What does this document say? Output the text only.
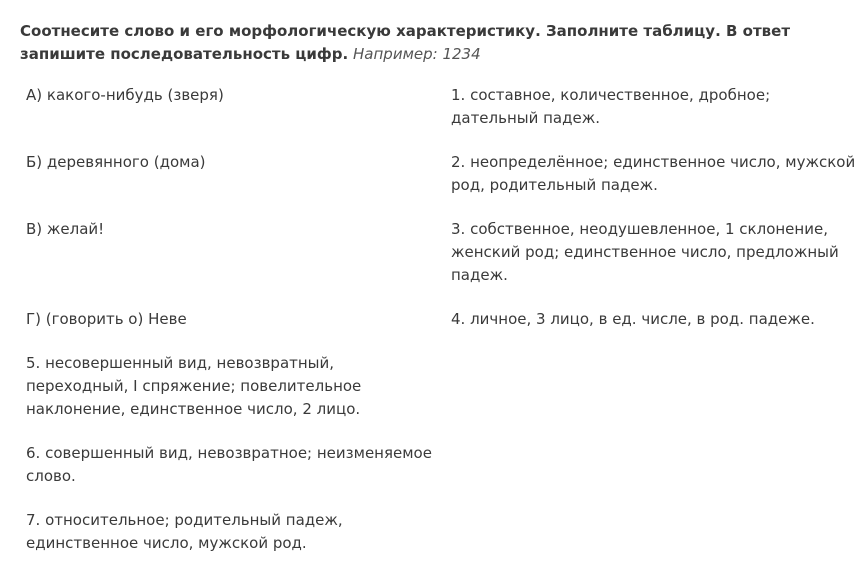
Соотнесите слово и его морфологическую характеристику. Заполните таблицу. В ответ запишите последовательность цифр. Например: 1234
А) какого-нибудь (зверя)
Б) деревянного (дома)
В) желай!
Г) (говорить о) Неве
5. несовершенный вид, невозвратный, переходный, I спряжение; повелительное наклонение, единственное число, 2 лицо.
6. совершенный вид, невозвратное; неизменяемое слово.
7. относительное; родительный падеж, единственное число, мужской род.
1. составное, количественное, дробное; дательный падеж.
2. неопределённое; единственное число, мужской род, родительный падеж.
3. собственное, неодушевленное, 1 склонение, женский род; единственное число, предложный падеж.
4. личное, 3 лицо, в ед. числе, в род. падеже.
